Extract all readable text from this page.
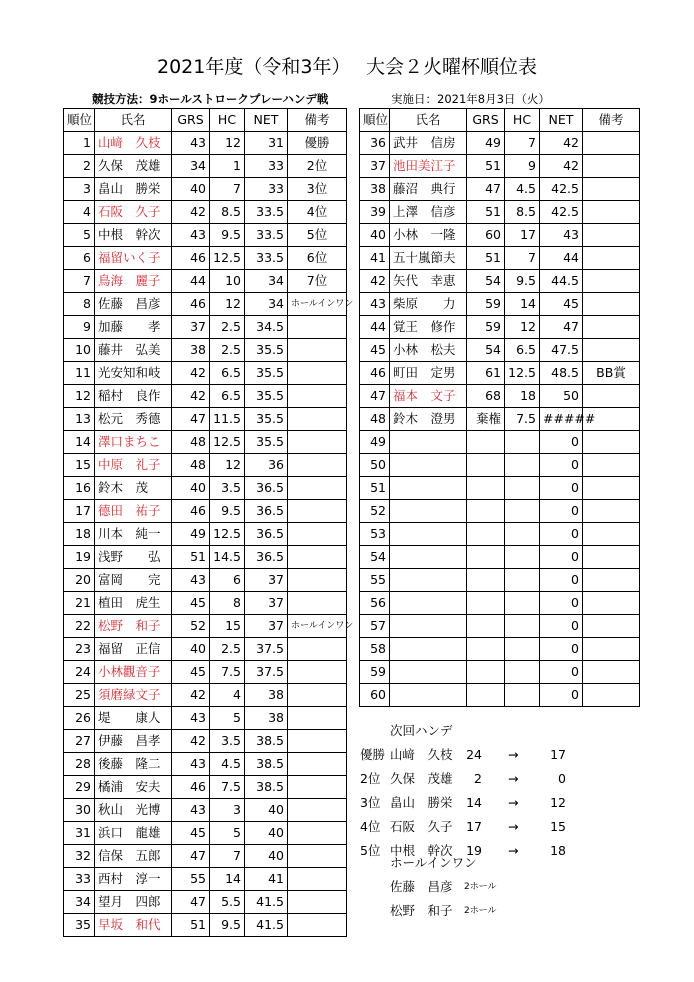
2021年度（令和3年）　 大会２火曜杯順位表
競技方法：9ホールストロークプレーハンデ戦	実施日：2021年8月3日（火）
順位	氏名	GRS	HC	NET	備考
1	山﨑　久枝	43	12	31	優勝
2	久保　茂雄	34	1	33	2位
3	畠山　勝栄	40	7	33	3位
4	石阪　久子	42	8.5	33.5	4位
5	中根　幹次	43	9.5	33.5	5位
6	福留いく子	46	12.5	33.5	6位
7	鳥海　麗子	44	10	34	7位
8	佐藤　昌彦	46	12	34	ホールインワン
9	加藤　　孝	37	2.5	34.5	
10	藤井　弘美	38	2.5	35.5	
11	光安知和岐	42	6.5	35.5	
12	稲村　良作	42	6.5	35.5	
13	松元　秀德	47	11.5	35.5	
14	澤口まちこ	48	12.5	35.5	
15	中原　礼子	48	12	36	
16	鈴木　茂	40	3.5	36.5	
17	德田　祐子	46	9.5	36.5	
18	川本　純一	49	12.5	36.5	
19	浅野　　弘	51	14.5	36.5	
20	富岡　　完	43	6	37	
21	植田　虎生	45	8	37	
22	松野　和子	52	15	37	ホールインワン
23	福留　正信	40	2.5	37.5	
24	小林觀音子	45	7.5	37.5	
25	須磨緑文子	42	4	38	
26	堤　　康人	43	5	38	
27	伊藤　昌孝	42	3.5	38.5	
28	後藤　隆二	43	4.5	38.5	
29	橘浦　安夫	46	7.5	38.5	
30	秋山　光博	43	3	40	
31	浜口　龍雄	45	5	40	
32	信保　五郎	47	7	40	
33	西村　淳一	55	14	41	
34	望月　四郎	47	5.5	41.5	
35	早坂　和代	51	9.5	41.5	
順位	氏名	GRS	HC	NET	備考
36	武井　信房	49	7	42	
37	池田美江子	51	9	42	
38	藤沼　典行	47	4.5	42.5	
39	上澤　信彦	51	8.5	42.5	
40	小林　一隆	60	17	43	
41	五十嵐節夫	51	7	44	
42	矢代　幸恵	54	9.5	44.5	
43	柴原　　力	59	14	45	
44	覚王　修作	59	12	47	
45	小林　松夫	54	6.5	47.5	
46	町田　定男	61	12.5	48.5	BB賞
47	福本　文子	68	18	50	
48	鈴木　澄男	棄権	7.5	#####	
49				0	
50				0	
51				0	
52				0	
53				0	
54				0	
55				0	
56				0	
57				0	
58				0	
59				0	
60				0	
次回ハンデ
優勝 山﨑　久枝	24 →	17
2位 久保　茂雄	2 →	0
3位 畠山　勝栄	14 →	12
4位 石阪　久子	17 →	15
5位 中根　幹次	19 →	18
ホールインワン
佐藤　昌彦 2ホール
松野　和子 2ホール
